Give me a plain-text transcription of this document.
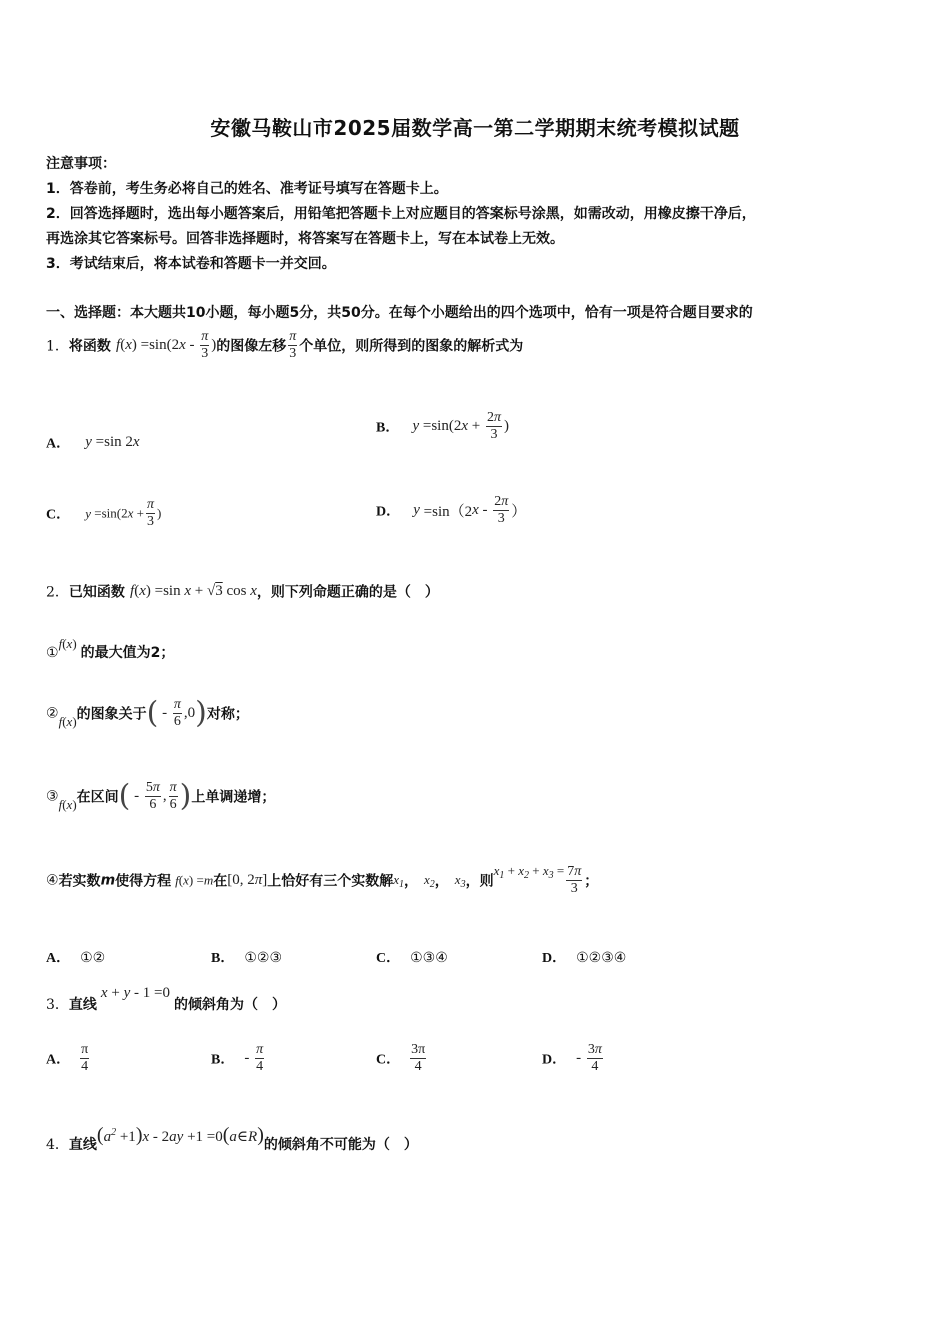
安徽马鞍山市2025届数学高一第二学期期末统考模拟试题
注意事项：
1．答卷前，考生务必将自己的姓名、准考证号填写在答题卡上。
2．回答选择题时，选出每小题答案后，用铅笔把答题卡上对应题目的答案标号涂黑，如需改动，用橡皮擦干净后，
再选涂其它答案标号。回答非选择题时，将答案写在答题卡上，写在本试卷上无效。
3．考试结束后，将本试卷和答题卡一并交回。
一、选择题：本大题共10小题，每小题5分，共50分。在每个小题给出的四个选项中，恰有一项是符合题目要求的
1．将函数 $f(x) =\sin(2x - \frac{\pi}{3}$ )的图像左移 $\frac{\pi}{3}$ 个单位，则所得到的图象的解析式为
A． y =sin 2x
B． $y =\sin(2x + \frac{2\pi}{3}$ )
C． $y =\sin(2x + \frac{\pi}{3}$ )	D． $y =\sin(2x - \frac{2\pi}{3}$ ）
2．已知函数 f(x) =sin x + √3 cos x，则下列命题正确的是（　）
①$^{f(x)}$的最大值为2；
$②_{f(x)}$的图象关于( - $\frac{\pi}{6} ,0$)对称；
$③_{f(x)}$在区间( - $\frac{5\pi}{6}$ , $\frac{\pi}{6}$ )上单调递增；
④若实数m使得方程 f(x) =m在[0, 2π]上恰好有三个实数解$x_1$， $x_2$， $x_3$，则$^{x_1}$ + $^{x_2}$ + $^{x_3}$ $^= \frac{7\pi}{3}$ ；
A． ①②	B． ①②③	C． ①③④	D． ①②③④
3．直线x + y - 1 =0的倾斜角为（　）
A． $\frac{\pi}{4}$	B． - $\frac{\pi}{4}$	C． $\frac{3\pi}{4}$	D． - $\frac{3\pi}{4}$
4．直线$(a^2 +1)x - 2ay +1$ =0(a∈R)的倾斜角不可能为（　）
